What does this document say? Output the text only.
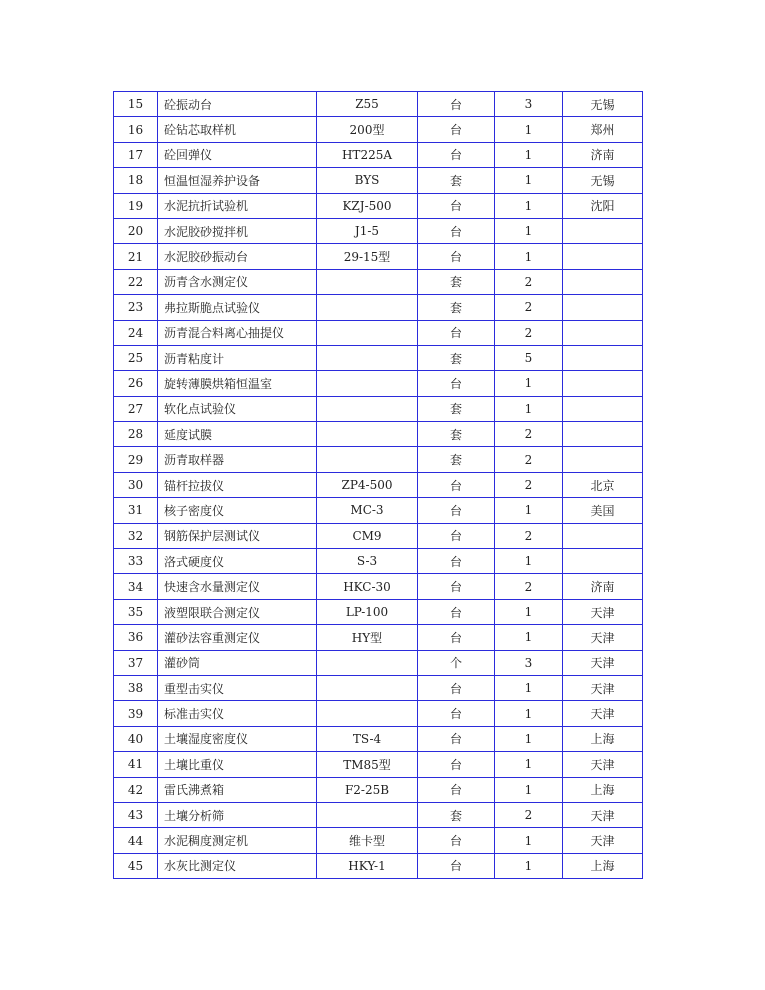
15	砼振动台	Z55	台	3	无锡
16	砼钻芯取样机	200型	台	1	郑州
17	砼回弹仪	HT225A	台	1	济南
18	恒温恒湿养护设备	BYS	套	1	无锡
19	水泥抗折试验机	KZJ-500	台	1	沈阳
20	水泥胶砂搅拌机	J1-5	台	1	
21	水泥胶砂振动台	29-15型	台	1	
22	沥青含水测定仪		套	2	
23	弗拉斯脆点试验仪		套	2	
24	沥青混合料离心抽提仪		台	2	
25	沥青粘度计		套	5	
26	旋转薄膜烘箱恒温室		台	1	
27	软化点试验仪		套	1	
28	延度试膜		套	2	
29	沥青取样器		套	2	
30	锚杆拉拔仪	ZP4-500	台	2	北京
31	核子密度仪	MC-3	台	1	美国
32	钢筋保护层测试仪	CM9	台	2	
33	洛式硬度仪	S-3	台	1	
34	快速含水量测定仪	HKC-30	台	2	济南
35	液塑限联合测定仪	LP-100	台	1	天津
36	灌砂法容重测定仪	HY型	台	1	天津
37	灌砂筒		个	3	天津
38	重型击实仪		台	1	天津
39	标准击实仪		台	1	天津
40	土壤湿度密度仪	TS-4	台	1	上海
41	土壤比重仪	TM85型	台	1	天津
42	雷氏沸煮箱	F2-25B	台	1	上海
43	土壤分析筛		套	2	天津
44	水泥稠度测定机	维卡型	台	1	天津
45	水灰比测定仪	HKY-1	台	1	上海
